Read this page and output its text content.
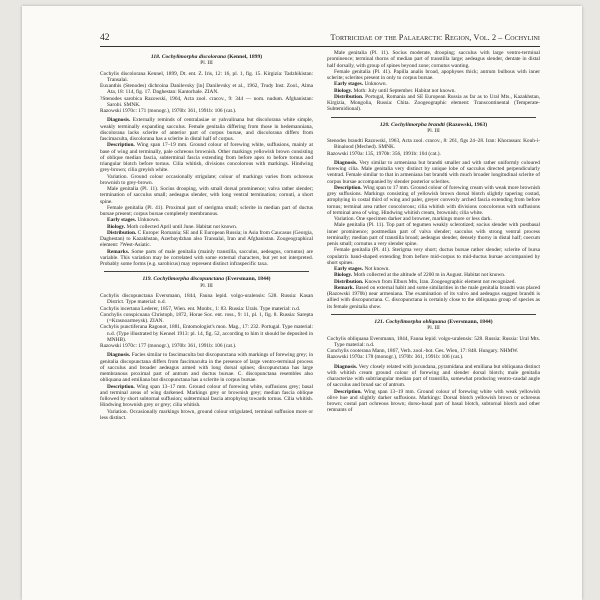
42	Tortricidae of the Palaearctic Region, Vol. 2 – Cochylini

118. Cochylimorpha discolorana (Kennel, 1899)

Pl. III

Cochylis discolorana Kennel, 1899, Dt. ent. Z. Iris, 12: 16, pl. 1, fig. 15. Kirgizia: Tadzhikistan: Transalai.

Euxanthis (Stenodes) dichroina Danilevsky [in] Danilevsky et al., 1962, Trudy Inst. Zool., Alma Ata, 18: 114, fig. 17. Daghestan: Kantorhale. ZIAN.

?Stenodes sarobica Razowski, 1964, Acta zool. cracov., 9: 344 — nom. nudum. Afghanistan: Sarobi. SMNK.

Razowski 1970c: 171 (monogr.), 1970b: 361, 1991b: 106 (cat.).

Diagnosis. Externally reminds of centralasiae or yahvalinana but discolorana white simple, weakly terminally expanding sacculus. Female genitalia differing from those in hedemanniana, discolorana lacks sclerite of anterior part of corpus bursae, and discolorana differs from fascimaculta, discolorana has a sclerite in distal half of corpus.

Description. Wing span 17–19 mm. Ground colour of forewing white, suffusions, mainly at base of wing and terminally, pale ochreous brownish. Other markings yellowish brown consisting of oblique median fascia, subterminal fascia extending from before apex to before tornus and triangular blotch before tornus. Cilia whitish, divisions concolorous with markings. Hindwing grey-brown; cilia greyish white.

Variation. Ground colour occasionally strigulate; colour of markings varies from ochreous brownish to grey-brown.

Male genitalia (Pl. 11). Socius drooping, with small dorsal prominence; valva rather slender; termination of sacculus small; aedeagus slender, with long ventral termination; cornuti, a short spine.

Female genitalia (Pl. 41). Proximal part of sterigma small; sclerite in median part of ductus bursae present; corpus bursae completely membranous.

Early stages. Unknown.

Biology. Moth collected April until June. Habitat not known.

Distribution. C Europe: Romania; SE and E European Russia; in Asia from Caucasus (Georgia, Daghestan) to Kazakhstan, Azerbaydzhan also Transalai, Iran and Afghanistan. Zoogeographical element: ?West-Asiatic.

Remarks. Some parts of male genitalia (mainly transtilla, sacculus, aedeagus, cornutus) are variable. This variation may be correlated with some external characters, but yet not interpreted. Probably some forms (e.g. sarobicus) may represent distinct infraspecific taxa.

119. Cochylimorpha discopunctana (Eversmann, 1844)

Pl. III

Cochylis discopunctana Eversmann, 1844, Fauna lepid. volgo-uralensis: 528. Russia: Kasan District. Type material: n.d.

Cochylis incertana Lederer, 1857, Wien. ent. Monbr., 1: 83. Russia: Urals. Type material: n.d.

Conchylis conspicuana Christoph, 1872, Horae Soc. ent. ross., 9: 11, pl. 1, fig. 8. Russia: Sarepta (=Krasnoarmeysk). ZIAN.

Cochylis punctiferana Ragonot, 1881, Entomologist's mon. Mag., 17: 232. Portugal. Type material: n.d. (Type illustrated by Kennel 1913: pl. 14, fig. 52, according to him it should be deposited in MNHB).

Razowski 1970c: 177 (monogr.), 1970b: 361, 1991b: 106 (cat.).

Diagnosis. Facies similar to fascimaculta but discopunctana with markings of forewing grey; in genitalia discopunctana differs from fascimaculta in the presence of large ventro-terminal process of sacculus and broader aedeagus armed with long dorsal spines; discopunctana has large membranous proximal part of antrum and ductus bursae. C. discopunctana resembles also obliquana and emiliana but discopunctana has a sclerite in corpus bursae.

Description. Wing span 13–17 mm. Ground colour of forewing white, suffusions grey; basal and terminal areas of wing darkened. Markings grey or brownish grey; median fascia oblique followed by short subtornal suffusion; subterminal fascia atrophying towards tornus. Cilia whitish. Hindwing brownish grey or grey; cilia whitish.

Variation. Occasionally markings brown, ground colour strigulated, terminal suffusion more or less distinct.

Male genitalia (Pl. 11). Socius moderate, drooping; sacculus with large ventro-terminal prominence; terminal thorns of median part of transtilla large; aedeagus slender, dentate in distal half dorsally, with group of spines beyond zone; cornutus wanting.

Female genitalia (Pl. 41). Papilla analis broad, apophyses thick; antrum bulbous with inner sclerite; sclerites present in only to corpus bursae.

Early stages. Unknown.

Biology. Moth: July until September. Habitat not known.

Distribution. Portugal, Romania and SE European Russia as far as to Ural Mts., Kazakhstan, Kirgizia, Mongolia, Russia: Chita. Zoogeographic element: Transcontinental (Temperate-Subtemidional).

120. Cochylimorpha brandti (Razowski, 1963)

Pl. III

Stenodes brandti Razowski, 1963, Acta zool. cracov., 8: 261, figs 24–28. Iran: Khorassan: Kouh-i-Binalood (Meched). SMNK.

Razowski 1970a: 135, 1970b: 356, 1991b: 104 (cat.).

Diagnosis. Very similar to armeniana but brandti smaller and with rather uniformly coloured forewing cilia. Male genitalia very distinct by unique lobe of sacculus directed perpendicularly ventrad. Female similar to that in armeniana but brandti with much broader longitudinal sclerite of corpus bursae accompanied by slender posterior sclerites.

Description. Wing span to 17 mm. Ground colour of forewing cream with weak more brownish grey suffusions. Markings consisting of yellowish brown dorsal blotch slightly tapering costad, atrophying in costal third of wing and paler, greyer convexly arched fascia extending from before tornus; terminal area rather concolorous; cilia whitish with divisions concolorous with suffusions of terminal area of wing. Hindwing whitish cream, brownish; cilia white.

Variation. One specimen darker and browner, markings more or less dark.

Male genitalia (Pl. 11). Top part of tegumen weakly sclerotized; socius slender with postbasal inner prominence; postmedian part of valva slender; sacculus with strong ventral process terminally; median part of transtilla broad; aedeagus slender, densely thorny in distal half; coecum penis small; cornutus a very slender spine.

Female genitalia (Pl. 41). Sterigma very short; ductus bursae rather slender; sclerite of bursa copulatrix band-shaped extending from before mid-corpus to mid-ductus bursae accompanied by short spines.

Early stages. Not known.

Biology. Moth collected at the altitude of 2200 m in August. Habitat not known.

Distribution. Known from Elburs Mts, Iran. Zoogeographic element not recognized.

Remark. Based on external habit and some similarities in the male genitalia brandti was placed (Razowski 1970b) near armeniana. The examination of its valvo and aedeagus suggest brandti is allied with discopunctana. C. discopunctana is certainly close to the obliquana group of species as its female genitalia show.

121. Cochylimorpha obliquana (Eversmann, 1844)

Pl. III

Cochylis obliquana Eversmann, 1844, Fauna lepid. volgo-uralensis: 528. Russia: Russia: Ural Mts. Type material: n.d.

Conchylis cooterana Mann, 1867, Verh. zool.-bot. Ges. Wien, 17: 848. Hungary. NHMW.

Razowski 1970a: 178 (monogr.), 1970b: 361, 1991b: 106 (cat.).

Diagnosis. Very closely related with jucundana, pyramidana and emiliana but obliquana distinct with whitish cream ground colour of forewing and slender dorsal blotch; male genitalia characterize with subtriangular median part of transtilla, somewhat producing ventro-caudal angle of sacculus and broad sac of antrum.

Description. Wing span 13–19 mm. Ground colour of forewing white with weak yellowish olive hue and slightly darker suffusions. Markings: Dorsal blotch yellowish brown or ochreous brown; costal part ochreous brown; dorso-basal part of basal blotch, subtornal blotch and other remnants of
